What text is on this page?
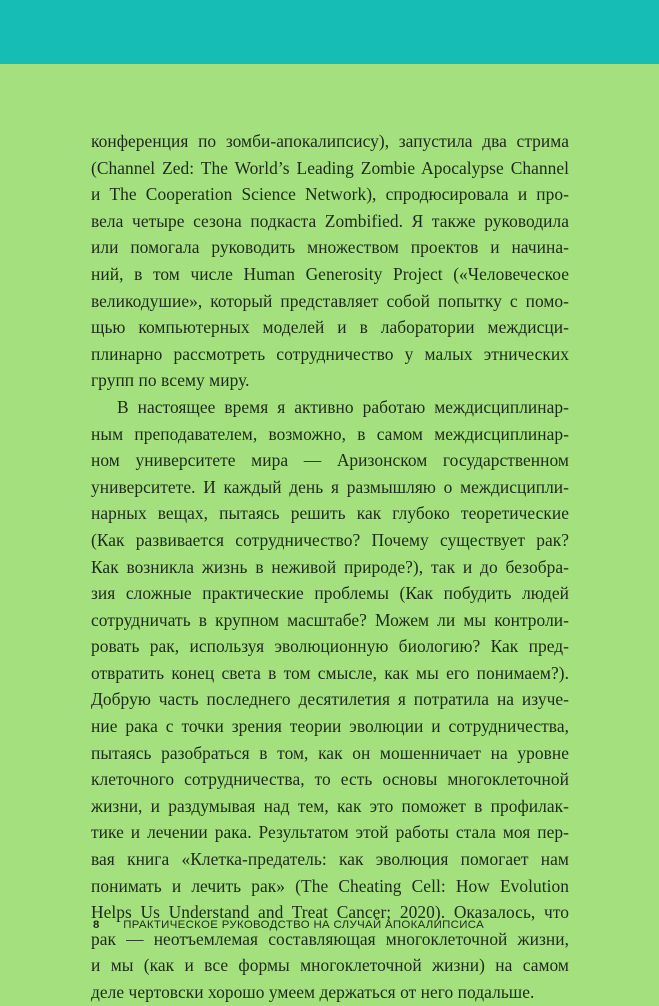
конференция по зомби-апокалипсису), запустила два стрима
(Channel Zed: The World’s Leading Zombie Apocalypse Channel
и The Cooperation Science Network), спродюсировала и про-
вела четыре сезона подкаста Zombified. Я также руководила
или помогала руководить множеством проектов и начина-
ний, в том числе Human Generosity Project («Человеческое
великодушие», который представляет собой попытку с помо-
щью компьютерных моделей и в лаборатории междисци-
плинарно рассмотреть сотрудничество у малых этнических
групп по всему миру.
В настоящее время я активно работаю междисциплинар-
ным преподавателем, возможно, в самом междисциплинар-
ном университете мира — Аризонском государственном
университете. И каждый день я размышляю о междисципли-
нарных вещах, пытаясь решить как глубоко теоретические
(Как развивается сотрудничество? Почему существует рак?
Как возникла жизнь в неживой природе?), так и до безобра-
зия сложные практические проблемы (Как побудить людей
сотрудничать в крупном масштабе? Можем ли мы контроли-
ровать рак, используя эволюционную биологию? Как пред-
отвратить конец света в том смысле, как мы его понимаем?).
Добрую часть последнего десятилетия я потратила на изуче-
ние рака с точки зрения теории эволюции и сотрудничества,
пытаясь разобраться в том, как он мошенничает на уровне
клеточного сотрудничества, то есть основы многоклеточной
жизни, и раздумывая над тем, как это поможет в профилак-
тике и лечении рака. Результатом этой работы стала моя пер-
вая книга «Клетка-предатель: как эволюция помогает нам
понимать и лечить рак» (The Cheating Cell: How Evolution
Helps Us Understand and Treat Cancer; 2020). Оказалось, что
рак — неотъемлемая составляющая многоклеточной жизни,
и мы (как и все формы многоклеточной жизни) на самом
деле чертовски хорошо умеем держаться от него подальше.
8 ПРАКТИЧЕСКОЕ РУКОВОДСТВО НА СЛУЧАЙ АПОКАЛИПСИСА
